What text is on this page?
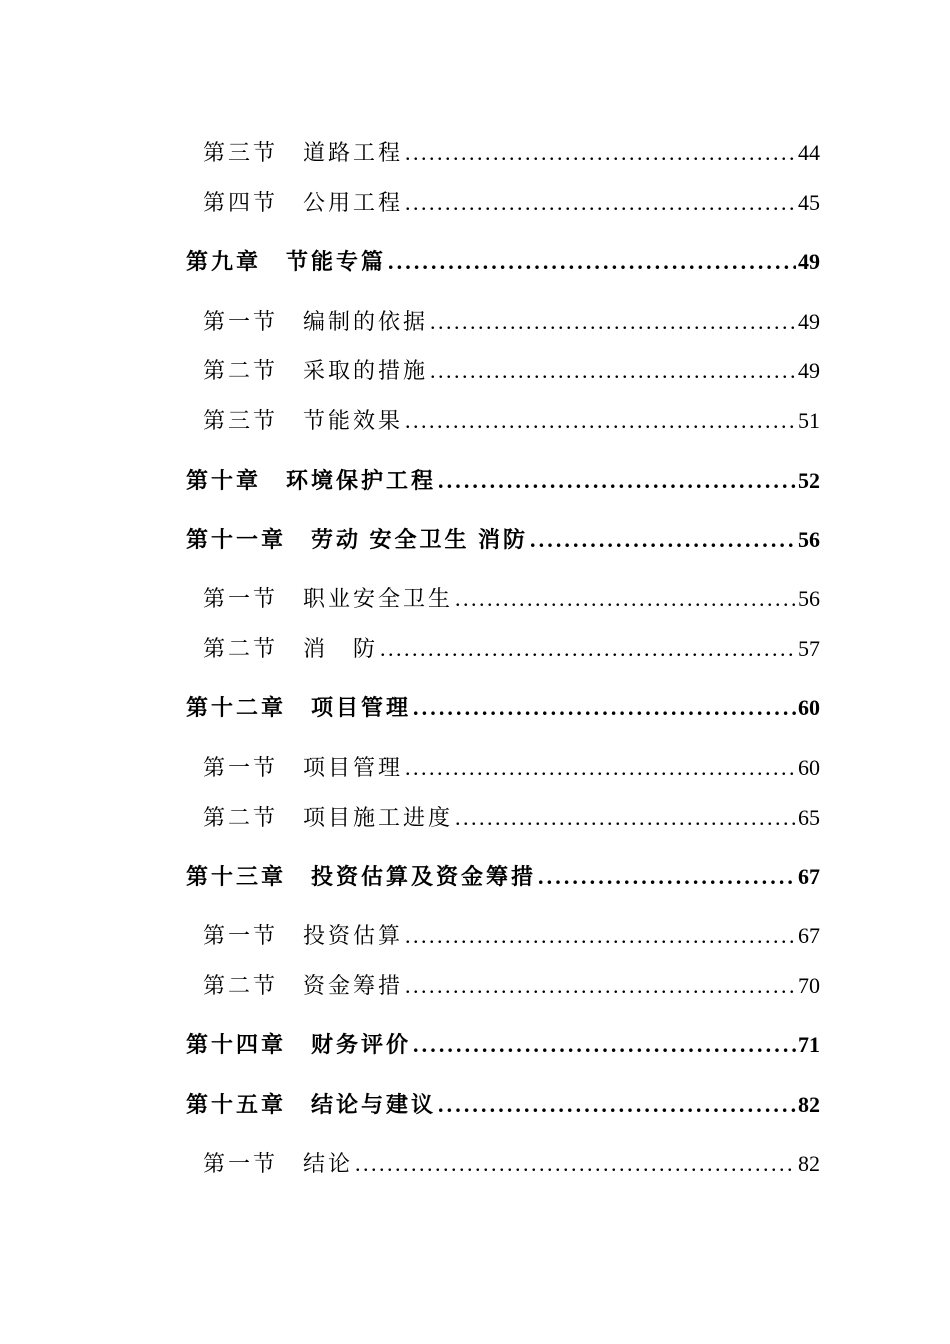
第三节　道路工程 . . .	44
第四节　公用工程 . . .	45
第九章　节能专篇 . . .	49
第一节　编制的依据 . . .	49
第二节　采取的措施 . . .	49
第三节　节能效果 . . .	51
第十章　环境保护工程 . . .	52
第十一章　劳动 安全卫生 消防 . . .	56
第一节　职业安全卫生 . . .	56
第二节　消　防 . . .	57
第十二章　项目管理 . . .	60
第一节　项目管理 . . .	60
第二节　项目施工进度 . . .	65
第十三章　投资估算及资金筹措 . . .	67
第一节　投资估算 . . .	67
第二节　资金筹措 . . .	70
第十四章　财务评价 . . .	71
第十五章　结论与建议 . . .	82
第一节　结论 . . .	82
